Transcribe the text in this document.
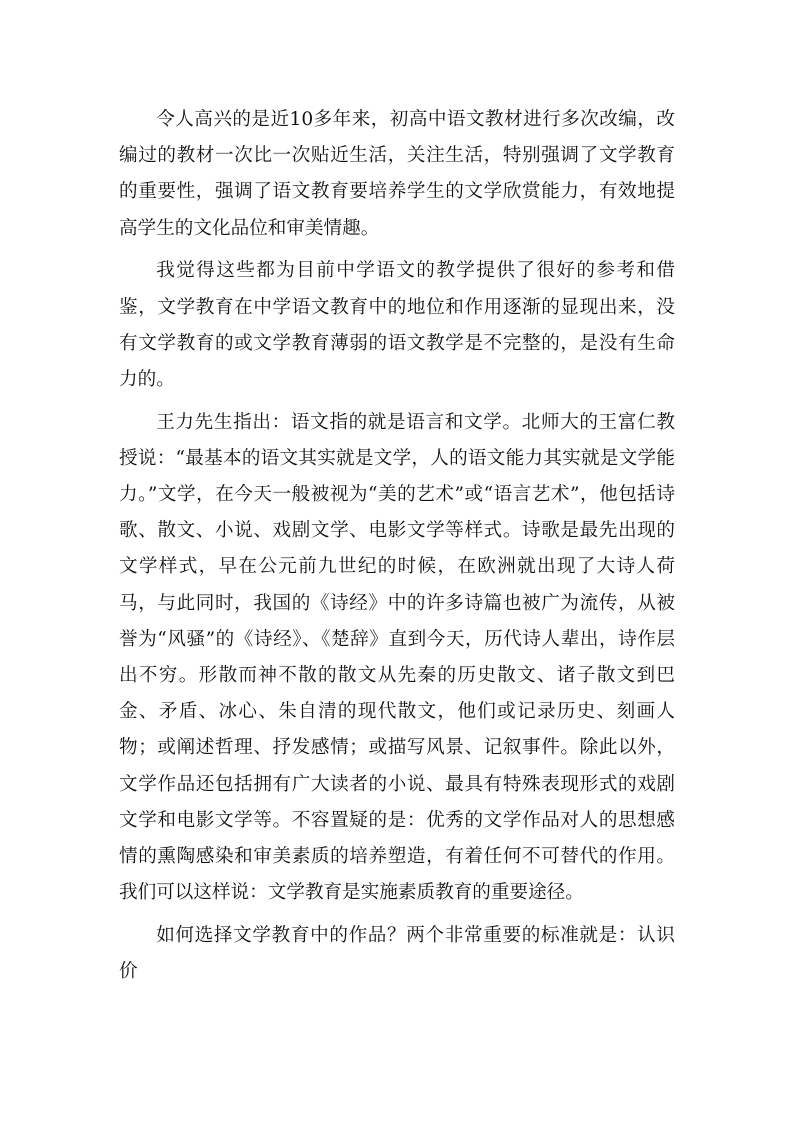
令人高兴的是近10多年来，初高中语文教材进行多次改编，改编过的教材一次比一次贴近生活，关注生活，特别强调了文学教育的重要性，强调了语文教育要培养学生的文学欣赏能力，有效地提高学生的文化品位和审美情趣。

我觉得这些都为目前中学语文的教学提供了很好的参考和借鉴，文学教育在中学语文教育中的地位和作用逐渐的显现出来，没有文学教育的或文学教育薄弱的语文教学是不完整的，是没有生命力的。

王力先生指出：语文指的就是语言和文学。北师大的王富仁教授说：“最基本的语文其实就是文学，人的语文能力其实就是文学能力。”文学，在今天一般被视为“美的艺术”或“语言艺术”，他包括诗歌、散文、小说、戏剧文学、电影文学等样式。诗歌是最先出现的文学样式，早在公元前九世纪的时候，在欧洲就出现了大诗人荷马，与此同时，我国的《诗经》中的许多诗篇也被广为流传，从被誉为“风骚”的《诗经》、《楚辞》直到今天，历代诗人辈出，诗作层出不穷。形散而神不散的散文从先秦的历史散文、诸子散文到巴金、矛盾、冰心、朱自清的现代散文，他们或记录历史、刻画人物；或阐述哲理、抒发感情；或描写风景、记叙事件。除此以外，文学作品还包括拥有广大读者的小说、最具有特殊表现形式的戏剧文学和电影文学等。不容置疑的是：优秀的文学作品对人的思想感情的熏陶感染和审美素质的培养塑造，有着任何不可替代的作用。我们可以这样说：文学教育是实施素质教育的重要途径。

如何选择文学教育中的作品？两个非常重要的标准就是：认识价
